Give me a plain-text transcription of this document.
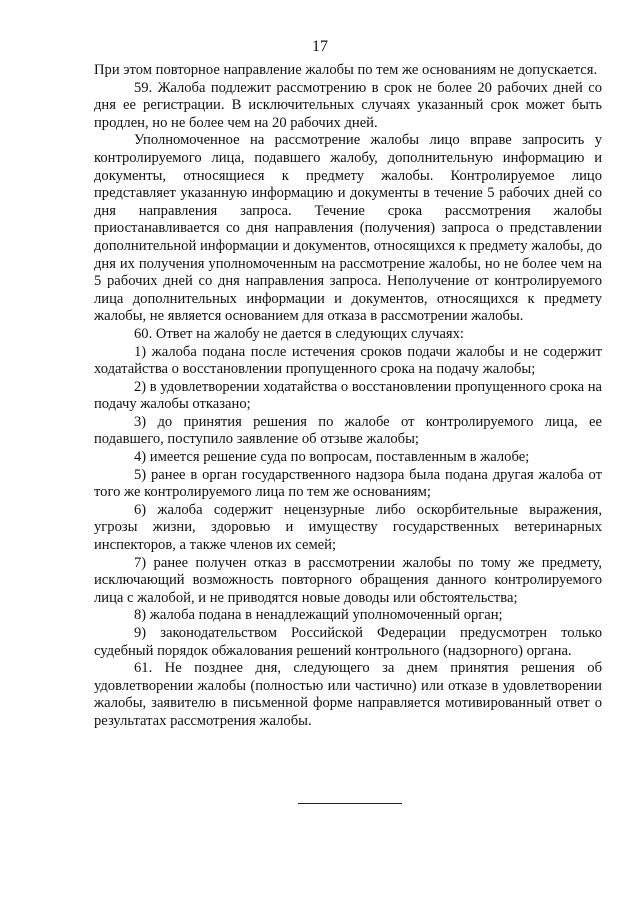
17

При этом повторное направление жалобы по тем же основаниям не допускается.

59. Жалоба подлежит рассмотрению в срок не более 20 рабочих дней со дня ее регистрации. В исключительных случаях указанный срок может быть продлен, но не более чем на 20 рабочих дней.

Уполномоченное на рассмотрение жалобы лицо вправе запросить у контролируемого лица, подавшего жалобу, дополнительную информацию и документы, относящиеся к предмету жалобы. Контролируемое лицо представляет указанную информацию и документы в течение 5 рабочих дней со дня направления запроса. Течение срока рассмотрения жалобы приостанавливается со дня направления (получения) запроса о представлении дополнительной информации и документов, относящихся к предмету жалобы, до дня их получения уполномоченным на рассмотрение жалобы, но не более чем на 5 рабочих дней со дня направления запроса. Неполучение от контролируемого лица дополнительных информации и документов, относящихся к предмету жалобы, не является основанием для отказа в рассмотрении жалобы.

60. Ответ на жалобу не дается в следующих случаях:

1) жалоба подана после истечения сроков подачи жалобы и не содержит ходатайства о восстановлении пропущенного срока на подачу жалобы;

2) в удовлетворении ходатайства о восстановлении пропущенного срока на подачу жалобы отказано;

3) до принятия решения по жалобе от контролируемого лица, ее подавшего, поступило заявление об отзыве жалобы;

4) имеется решение суда по вопросам, поставленным в жалобе;

5) ранее в орган государственного надзора была подана другая жалоба от того же контролируемого лица по тем же основаниям;

6) жалоба содержит нецензурные либо оскорбительные выражения, угрозы жизни, здоровью и имуществу государственных ветеринарных инспекторов, а также членов их семей;

7) ранее получен отказ в рассмотрении жалобы по тому же предмету, исключающий возможность повторного обращения данного контролируемого лица с жалобой, и не приводятся новые доводы или обстоятельства;

8) жалоба подана в ненадлежащий уполномоченный орган;

9) законодательством Российской Федерации предусмотрен только судебный порядок обжалования решений контрольного (надзорного) органа.

61. Не позднее дня, следующего за днем принятия решения об удовлетворении жалобы (полностью или частично) или отказе в удовлетворении жалобы, заявителю в письменной форме направляется мотивированный ответ о результатах рассмотрения жалобы.
